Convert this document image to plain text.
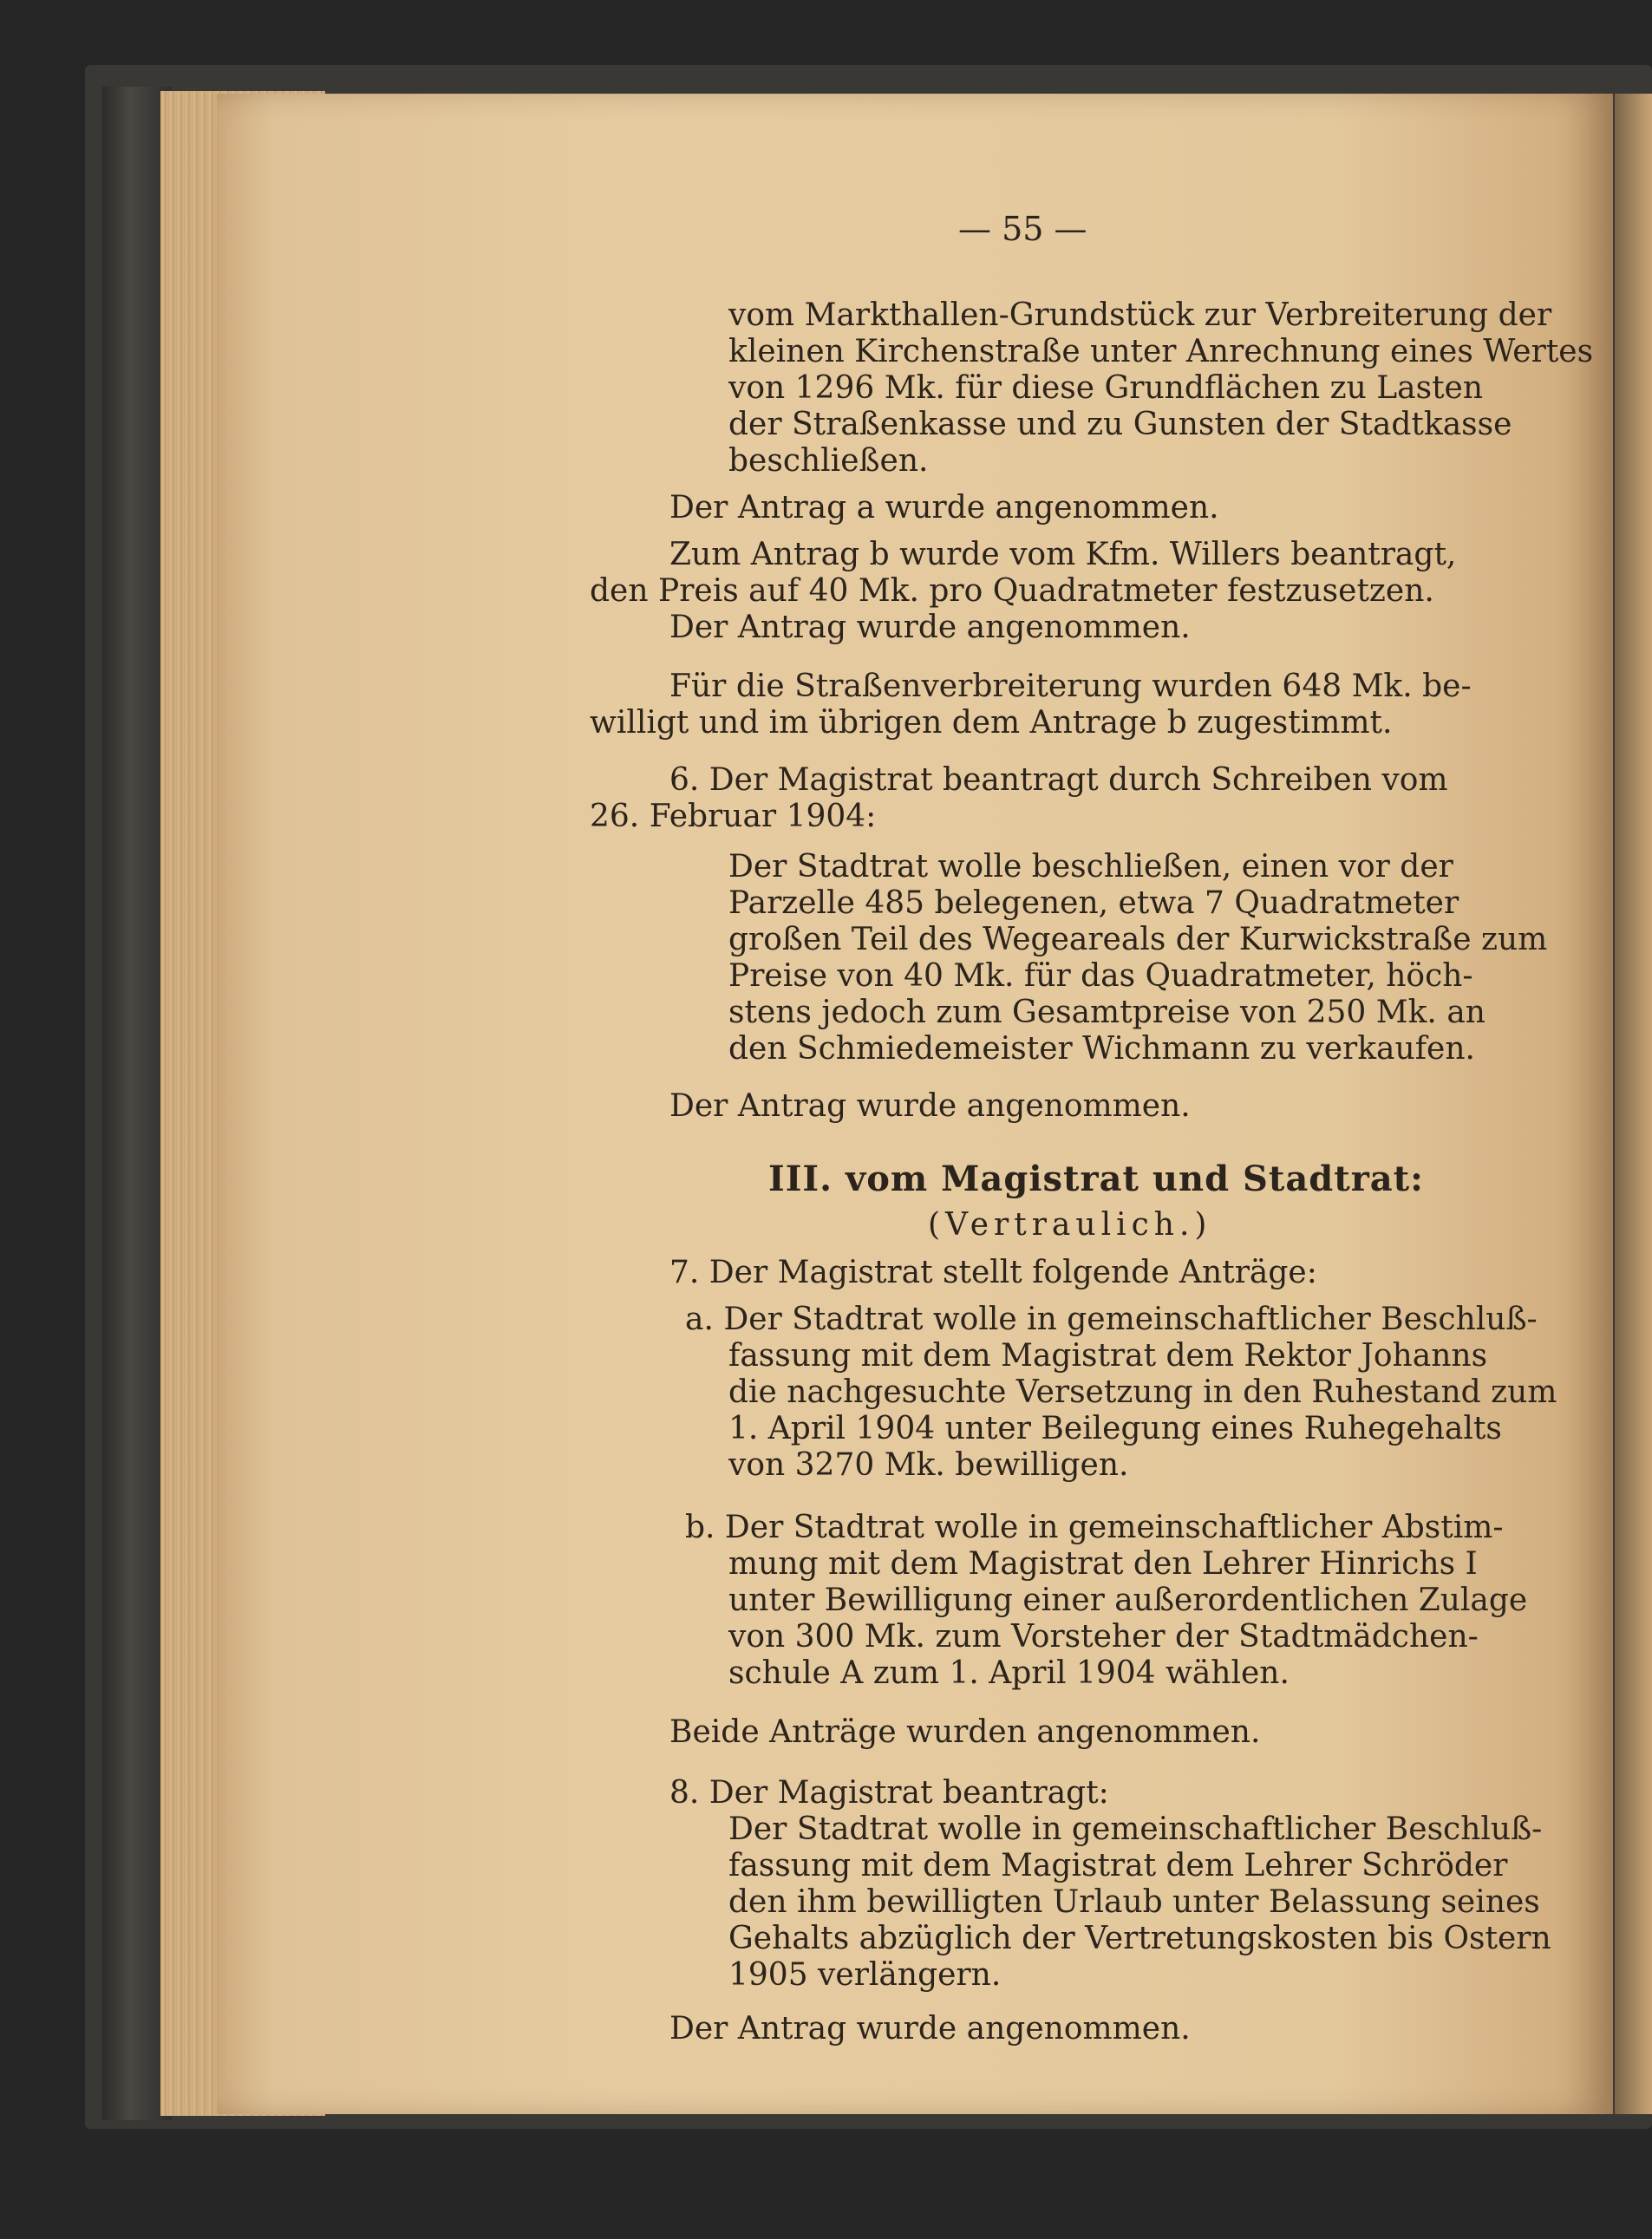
— 55 —

vom Markthallen-Grundstück zur Verbreiterung der

kleinen Kirchenstraße unter Anrechnung eines Wertes

von 1296 Mk. für diese Grundflächen zu Lasten

der Straßenkasse und zu Gunsten der Stadtkasse

beschließen.

Der Antrag a wurde angenommen.

Zum Antrag b wurde vom Kfm. Willers beantragt,

den Preis auf 40 Mk. pro Quadratmeter festzusetzen.

Der Antrag wurde angenommen.

Für die Straßenverbreiterung wurden 648 Mk. be-

willigt und im übrigen dem Antrage b zugestimmt.

6. Der Magistrat beantragt durch Schreiben vom

26. Februar 1904:

Der Stadtrat wolle beschließen, einen vor der

Parzelle 485 belegenen, etwa 7 Quadratmeter

großen Teil des Wegeareals der Kurwickstraße zum

Preise von 40 Mk. für das Quadratmeter, höch-

stens jedoch zum Gesamtpreise von 250 Mk. an

den Schmiedemeister Wichmann zu verkaufen.

Der Antrag wurde angenommen.

III. vom Magistrat und Stadtrat:

(Vertraulich.)

7. Der Magistrat stellt folgende Anträge:

a. Der Stadtrat wolle in gemeinschaftlicher Beschluß-

fassung mit dem Magistrat dem Rektor Johanns

die nachgesuchte Versetzung in den Ruhestand zum

1. April 1904 unter Beilegung eines Ruhegehalts

von 3270 Mk. bewilligen.

b. Der Stadtrat wolle in gemeinschaftlicher Abstim-

mung mit dem Magistrat den Lehrer Hinrichs I

unter Bewilligung einer außerordentlichen Zulage

von 300 Mk. zum Vorsteher der Stadtmädchen-

schule A zum 1. April 1904 wählen.

Beide Anträge wurden angenommen.

8. Der Magistrat beantragt:

Der Stadtrat wolle in gemeinschaftlicher Beschluß-

fassung mit dem Magistrat dem Lehrer Schröder

den ihm bewilligten Urlaub unter Belassung seines

Gehalts abzüglich der Vertretungskosten bis Ostern

1905 verlängern.

Der Antrag wurde angenommen.
